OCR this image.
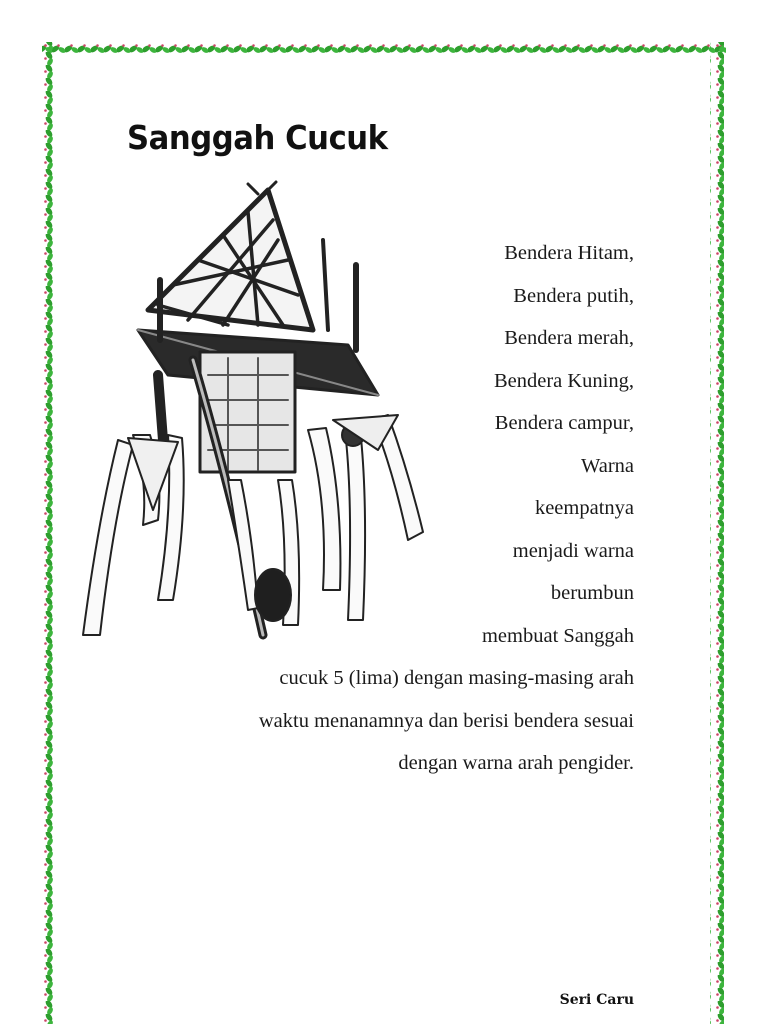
Sanggah Cucuk
Bendera Hitam,
Bendera putih,
Bendera merah,
Bendera Kuning,
Bendera campur,
Warna
keempatnya
menjadi warna
berumbun
membuat Sanggah
cucuk 5 (lima) dengan masing-masing arah
waktu menanamnya dan berisi bendera sesuai
dengan warna arah pengider.
Seri Caru
